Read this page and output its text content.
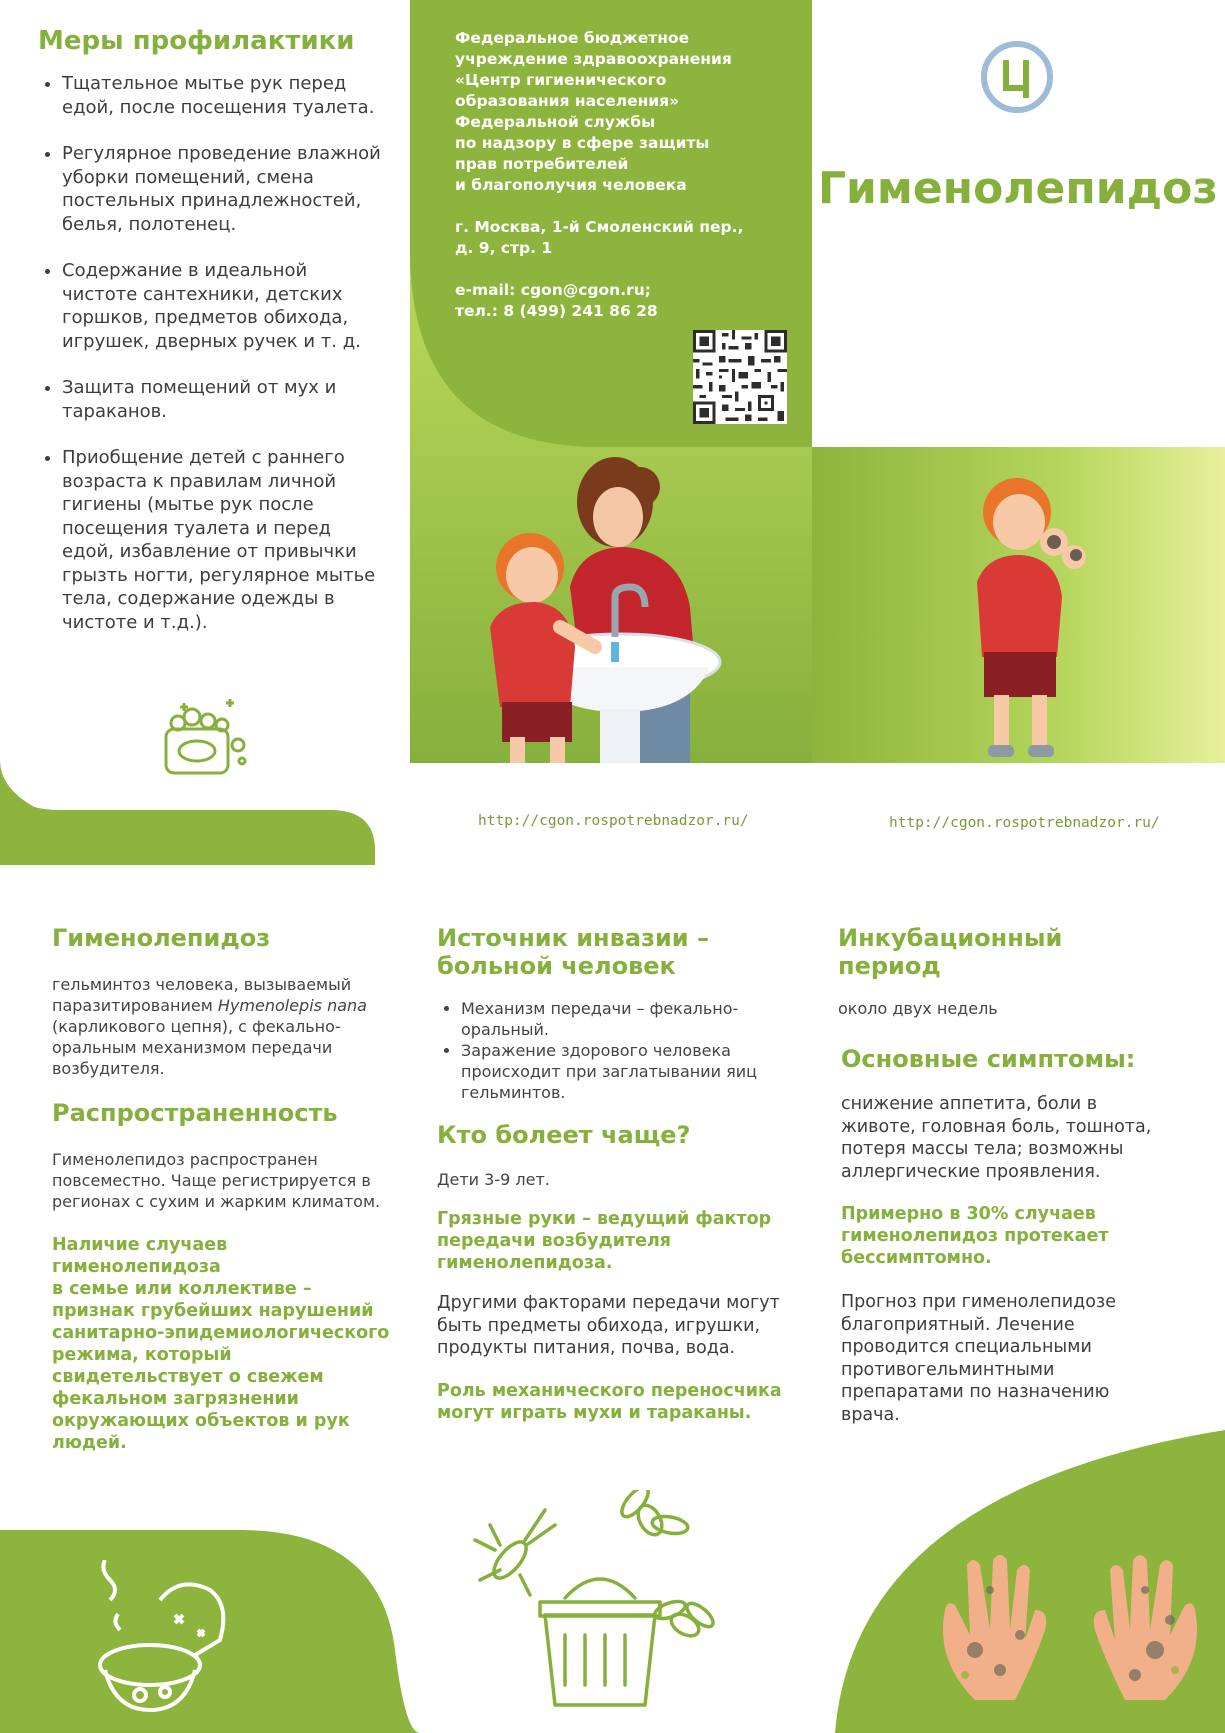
Меры профилактики
• Тщательное мытье рук перед едой, после посещения туалета.
• Регулярное проведение влажной уборки помещений, смена постельных принадлежностей, белья, полотенец.
• Содержание в идеальной чистоте сантехники, детских горшков, предметов обихода, игрушек, дверных ручек и т. д.
• Защита помещений от мух и тараканов.
• Приобщение детей с раннего возраста к правилам личной гигиены (мытье рук после посещения туалета и перед едой, избавление от привычки грызть ногти, регулярное мытье тела, содержание одежды в чистоте и т.д.).

Федеральное бюджетное
учреждение здравоохранения
«Центр гигиенического
образования населения»
Федеральной службы
по надзору в сфере защиты
прав потребителей
и благополучия человека

г. Москва, 1-й Смоленский пер.,
д. 9, стр. 1

e-mail: cgon@cgon.ru;
тел.: 8 (499) 241 86 28

Гименолепидоз
http://cgon.rospotrebnadzor.ru/	http://cgon.rospotrebnadzor.ru/
Гименолепидоз

гельминтоз человека, вызываемый паразитированием Hymenolepis nana (карликового цепня), с фекально-оральным механизмом передачи возбудителя.

Распространенность

Гименолепидоз распространен повсеместно. Чаще регистрируется в регионах с сухим и жарким климатом.

Наличие случаев гименолепидоза
в семье или коллективе – признак грубейших нарушений санитарно-эпидемиологического режима, который свидетельствует о свежем фекальном загрязнении окружающих объектов и рук людей.

Источник инвазии – больной человек
• Механизм передачи – фекально-оральный.
• Заражение здорового человека происходит при заглатывании яиц гельминтов.
Кто болеет чаще?

Дети 3-9 лет.

Грязные руки – ведущий фактор передачи возбудителя гименолепидоза.

Другими факторами передачи могут быть предметы обихода, игрушки, продукты питания, почва, вода.

Роль механического переносчика могут играть мухи и тараканы.

Инкубационный период

около двух недель

Основные симптомы:

снижение аппетита, боли в животе, головная боль, тошнота, потеря массы тела; возможны аллергические проявления.

Примерно в 30% случаев гименолепидоз протекает бессимптомно.

Прогноз при гименолепидозе благоприятный. Лечение проводится специальными противогельминтными препаратами по назначению врача.
